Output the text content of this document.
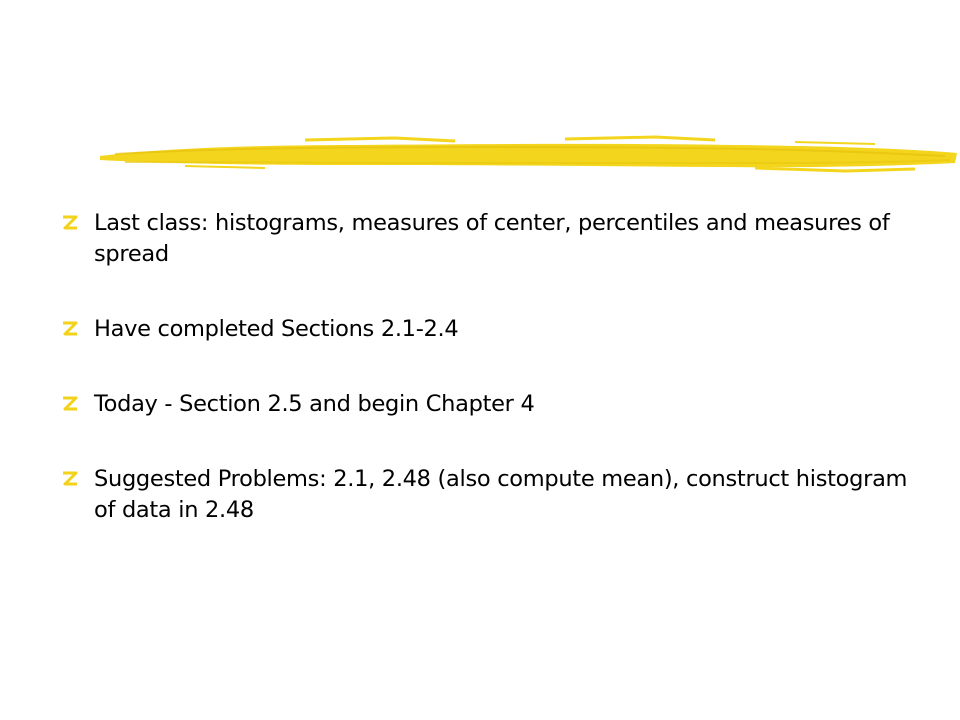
Last class: histograms, measures of center, percentiles and measures of spread
Have completed Sections 2.1-2.4
Today - Section 2.5 and begin Chapter 4
Suggested Problems: 2.1, 2.48 (also compute mean), construct histogram of data in 2.48
